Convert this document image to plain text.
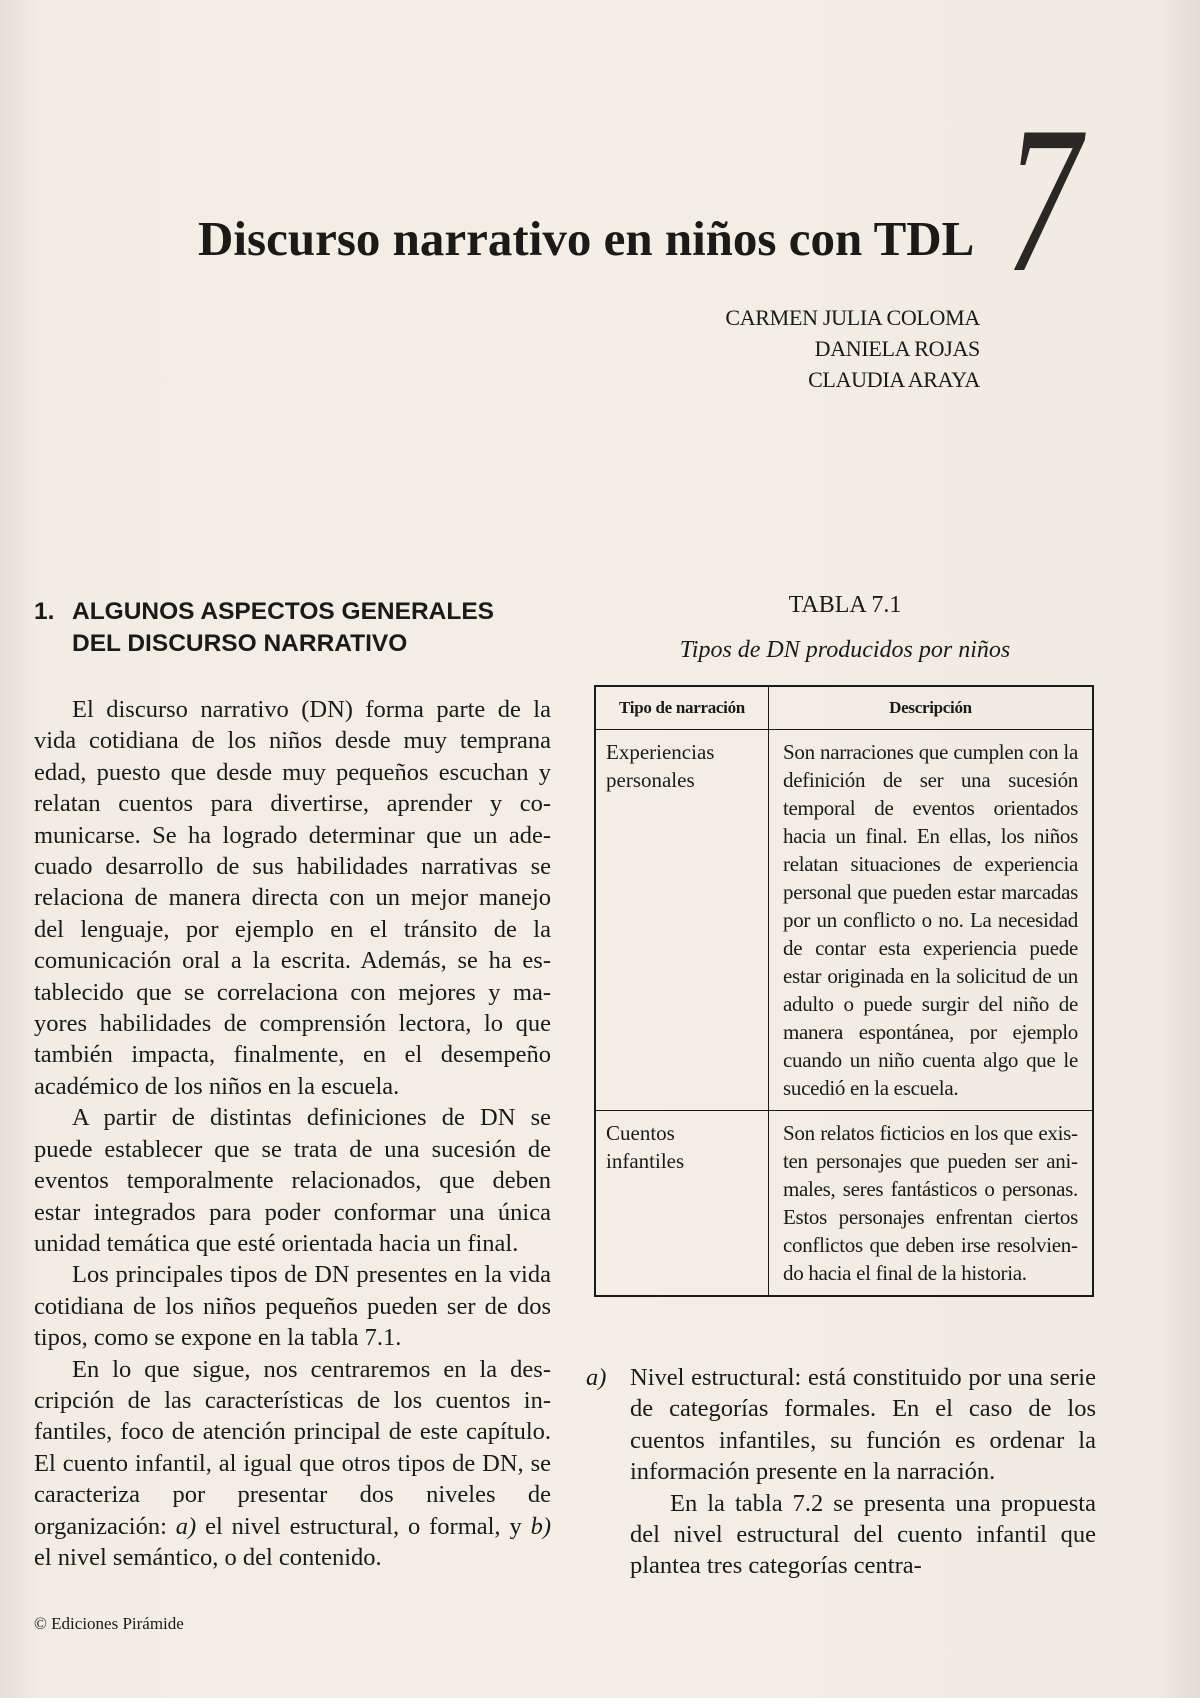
7
Discurso narrativo en niños con TDL
CARMEN JULIA COLOMA
DANIELA ROJAS
CLAUDIA ARAYA
1. ALGUNOS ASPECTOS GENERALES
DEL DISCURSO NARRATIVO

El discurso narrativo (DN) forma parte de la vida cotidiana de los niños desde muy temprana edad, puesto que desde muy pequeños escuchan y relatan cuentos para divertirse, aprender y comunicarse. Se ha logrado determinar que un adecuado desarrollo de sus habilidades narrativas se relaciona de manera directa con un mejor manejo del lenguaje, por ejemplo en el tránsito de la comunicación oral a la escrita. Además, se ha establecido que se correlaciona con mejores y mayores habilidades de comprensión lectora, lo que también impacta, finalmente, en el desempeño académico de los niños en la escuela.

A partir de distintas definiciones de DN se puede establecer que se trata de una sucesión de eventos temporalmente relacionados, que deben estar integrados para poder conformar una única unidad temática que esté orientada hacia un final.

Los principales tipos de DN presentes en la vida cotidiana de los niños pequeños pueden ser de dos tipos, como se expone en la tabla 7.1.

En lo que sigue, nos centraremos en la descripción de las características de los cuentos infantiles, foco de atención principal de este capítulo. El cuento infantil, al igual que otros tipos de DN, se caracteriza por presentar dos niveles de organización: a) el nivel estructural, o formal, y b) el nivel semántico, o del contenido.

TABLA 7.1
Tipos de DN producidos por niños
Tipo de narración	Descripción
Experiencias personales	Son narraciones que cumplen con la definición de ser una sucesión temporal de eventos orientados hacia un final. En ellas, los niños relatan situaciones de experiencia personal que pueden estar marcadas por un conflicto o no. La necesidad de contar esta experiencia puede estar originada en la solicitud de un adulto o puede surgir del niño de manera espontánea, por ejemplo cuando un niño cuenta algo que le sucedió en la escuela.
Cuentos infantiles	Son relatos ficticios en los que existen personajes que pueden ser animales, seres fantásticos o personas. Estos personajes enfrentan ciertos conflictos que deben irse resolviendo hacia el final de la historia.
a) Nivel estructural: está constituido por una serie de categorías formales. En el caso de los cuentos infantiles, su función es ordenar la información presente en la narración.

En la tabla 7.2 se presenta una propuesta del nivel estructural del cuento infantil que plantea tres categorías centra-

© Ediciones Pirámide
